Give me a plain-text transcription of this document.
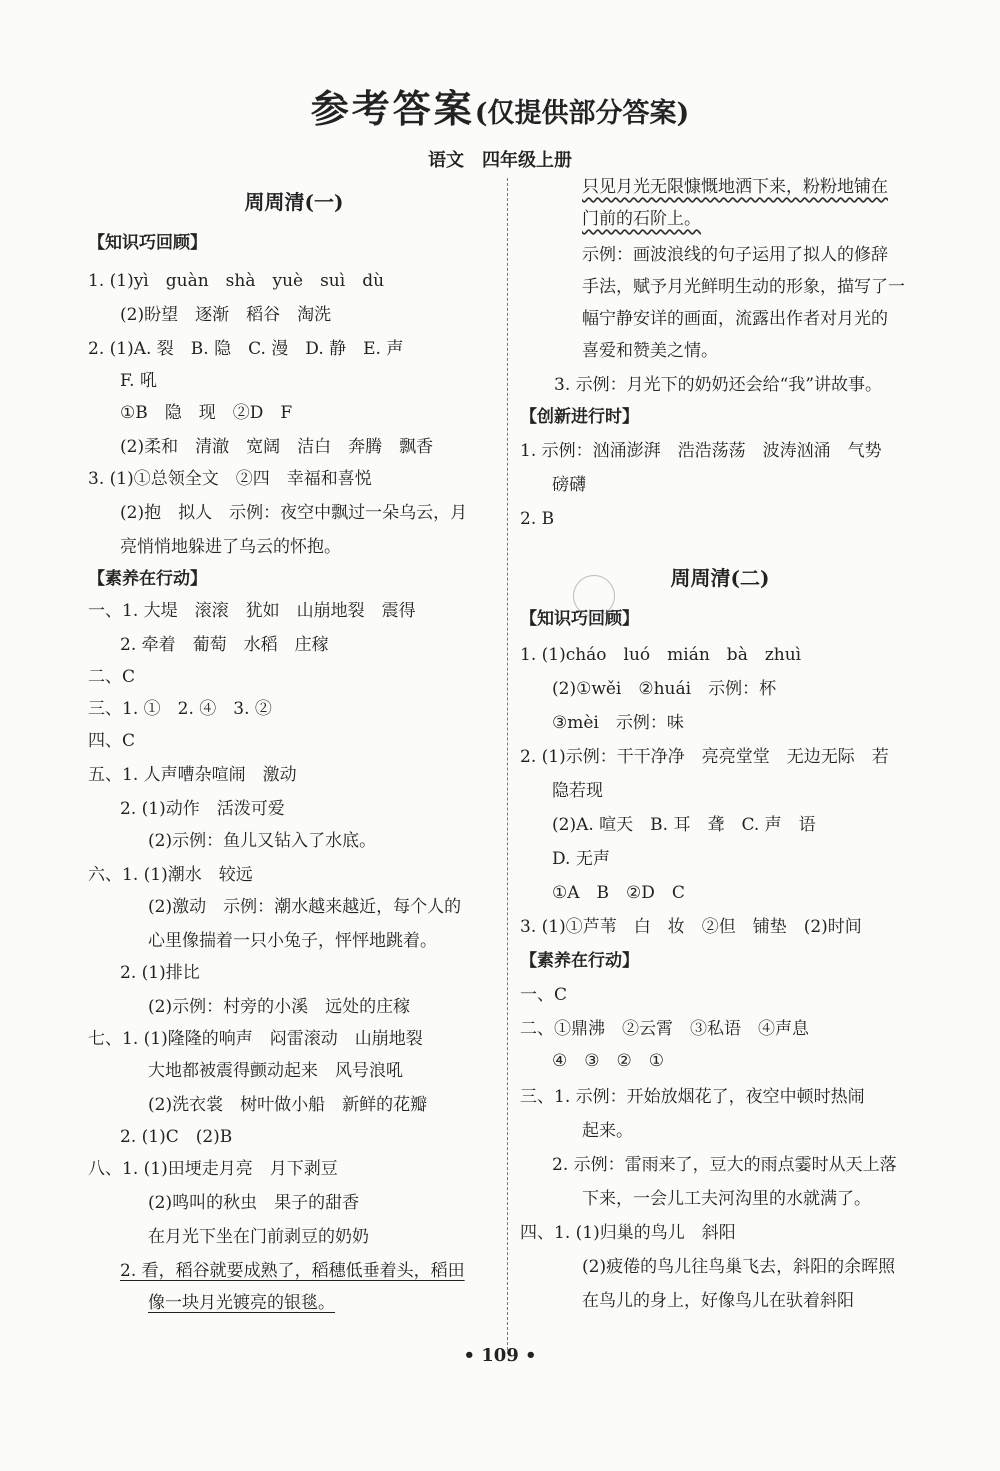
参考答案(仅提供部分答案)
语文　四年级上册
周周清(一)
【知识巧回顾】
1. (1)yì　guàn　shà　yuè　suì　dù
(2)盼望　逐渐　稻谷　淘洗
2. (1)A. 裂　B. 隐　C. 漫　D. 静　E. 声
F. 吼
①B　隐　现　②D　F
(2)柔和　清澈　宽阔　洁白　奔腾　飘香
3. (1)①总领全文　②四　幸福和喜悦
(2)抱　拟人　示例：夜空中飘过一朵乌云，月
亮悄悄地躲进了乌云的怀抱。
【素养在行动】
一、1. 大堤　滚滚　犹如　山崩地裂　震得
2. 牵着　葡萄　水稻　庄稼
二、C
三、1. ①　2. ④　3. ②
四、C
五、1. 人声嘈杂喧闹　激动
2. (1)动作　活泼可爱
(2)示例：鱼儿又钻入了水底。
六、1. (1)潮水　较远
(2)激动　示例：潮水越来越近，每个人的
心里像揣着一只小兔子，怦怦地跳着。
2. (1)排比
(2)示例：村旁的小溪　远处的庄稼
七、1. (1)隆隆的响声　闷雷滚动　山崩地裂
大地都被震得颤动起来　风号浪吼
(2)洗衣裳　树叶做小船　新鲜的花瓣
2. (1)C　(2)B
八、1. (1)田埂走月亮　月下剥豆
(2)鸣叫的秋虫　果子的甜香
在月光下坐在门前剥豆的奶奶
2. 看，稻谷就要成熟了，稻穗低垂着头，稻田
像一块月光镀亮的银毯。
周周清(二)
只见月光无限慷慨地洒下来，粉粉地铺在
门前的石阶上。
示例：画波浪线的句子运用了拟人的修辞
手法，赋予月光鲜明生动的形象，描写了一
幅宁静安详的画面，流露出作者对月光的
喜爱和赞美之情。
3. 示例：月光下的奶奶还会给“我”讲故事。
【创新进行时】
1. 示例：汹涌澎湃　浩浩荡荡　波涛汹涌　气势
磅礴
2. B
【知识巧回顾】
1. (1)cháo　luó　mián　bà　zhuì
(2)①wěi　②huái　示例：杯
③mèi　示例：味
2. (1)示例：干干净净　亮亮堂堂　无边无际　若
隐若现
(2)A. 喧天　B. 耳　聋　C. 声　语
D. 无声
①A　B　②D　C
3. (1)①芦苇　白　妆　②但　铺垫　(2)时间
【素养在行动】
一、C
二、①鼎沸　②云霄　③私语　④声息
④　③　②　①
三、1. 示例：开始放烟花了，夜空中顿时热闹
起来。
2. 示例：雷雨来了，豆大的雨点霎时从天上落
下来，一会儿工夫河沟里的水就满了。
四、1. (1)归巢的鸟儿　斜阳
(2)疲倦的鸟儿往鸟巢飞去，斜阳的余晖照
在鸟儿的身上，好像鸟儿在驮着斜阳
• 109 •
